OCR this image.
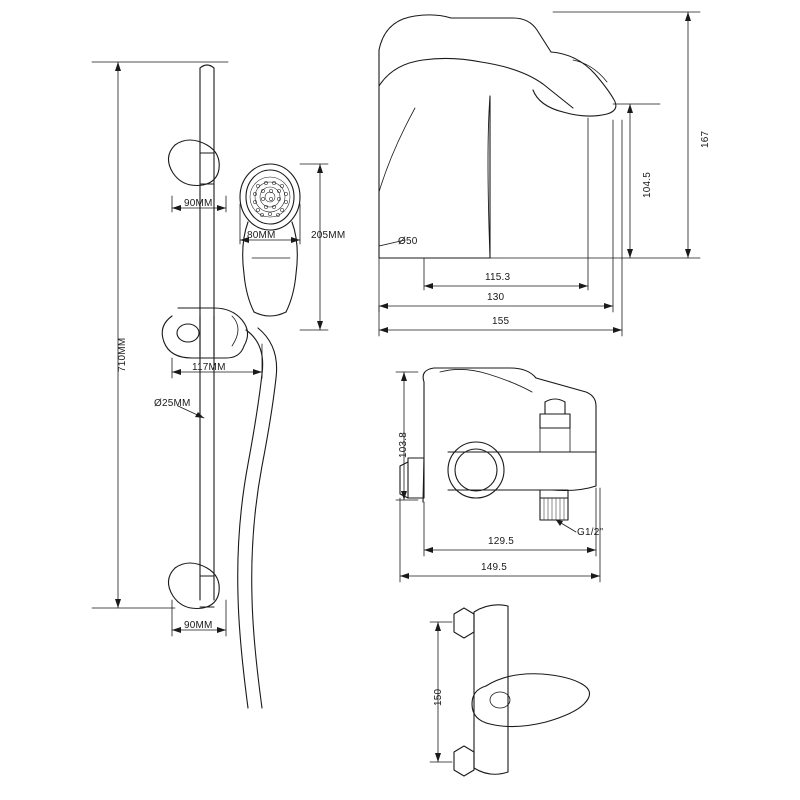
710MM
90MM
80MM	205MM
117MM
Ø25MM
90MM
167
104.5
Ø50
115.3
130
155
103.8
G1/2"
129.5
149.5
150
